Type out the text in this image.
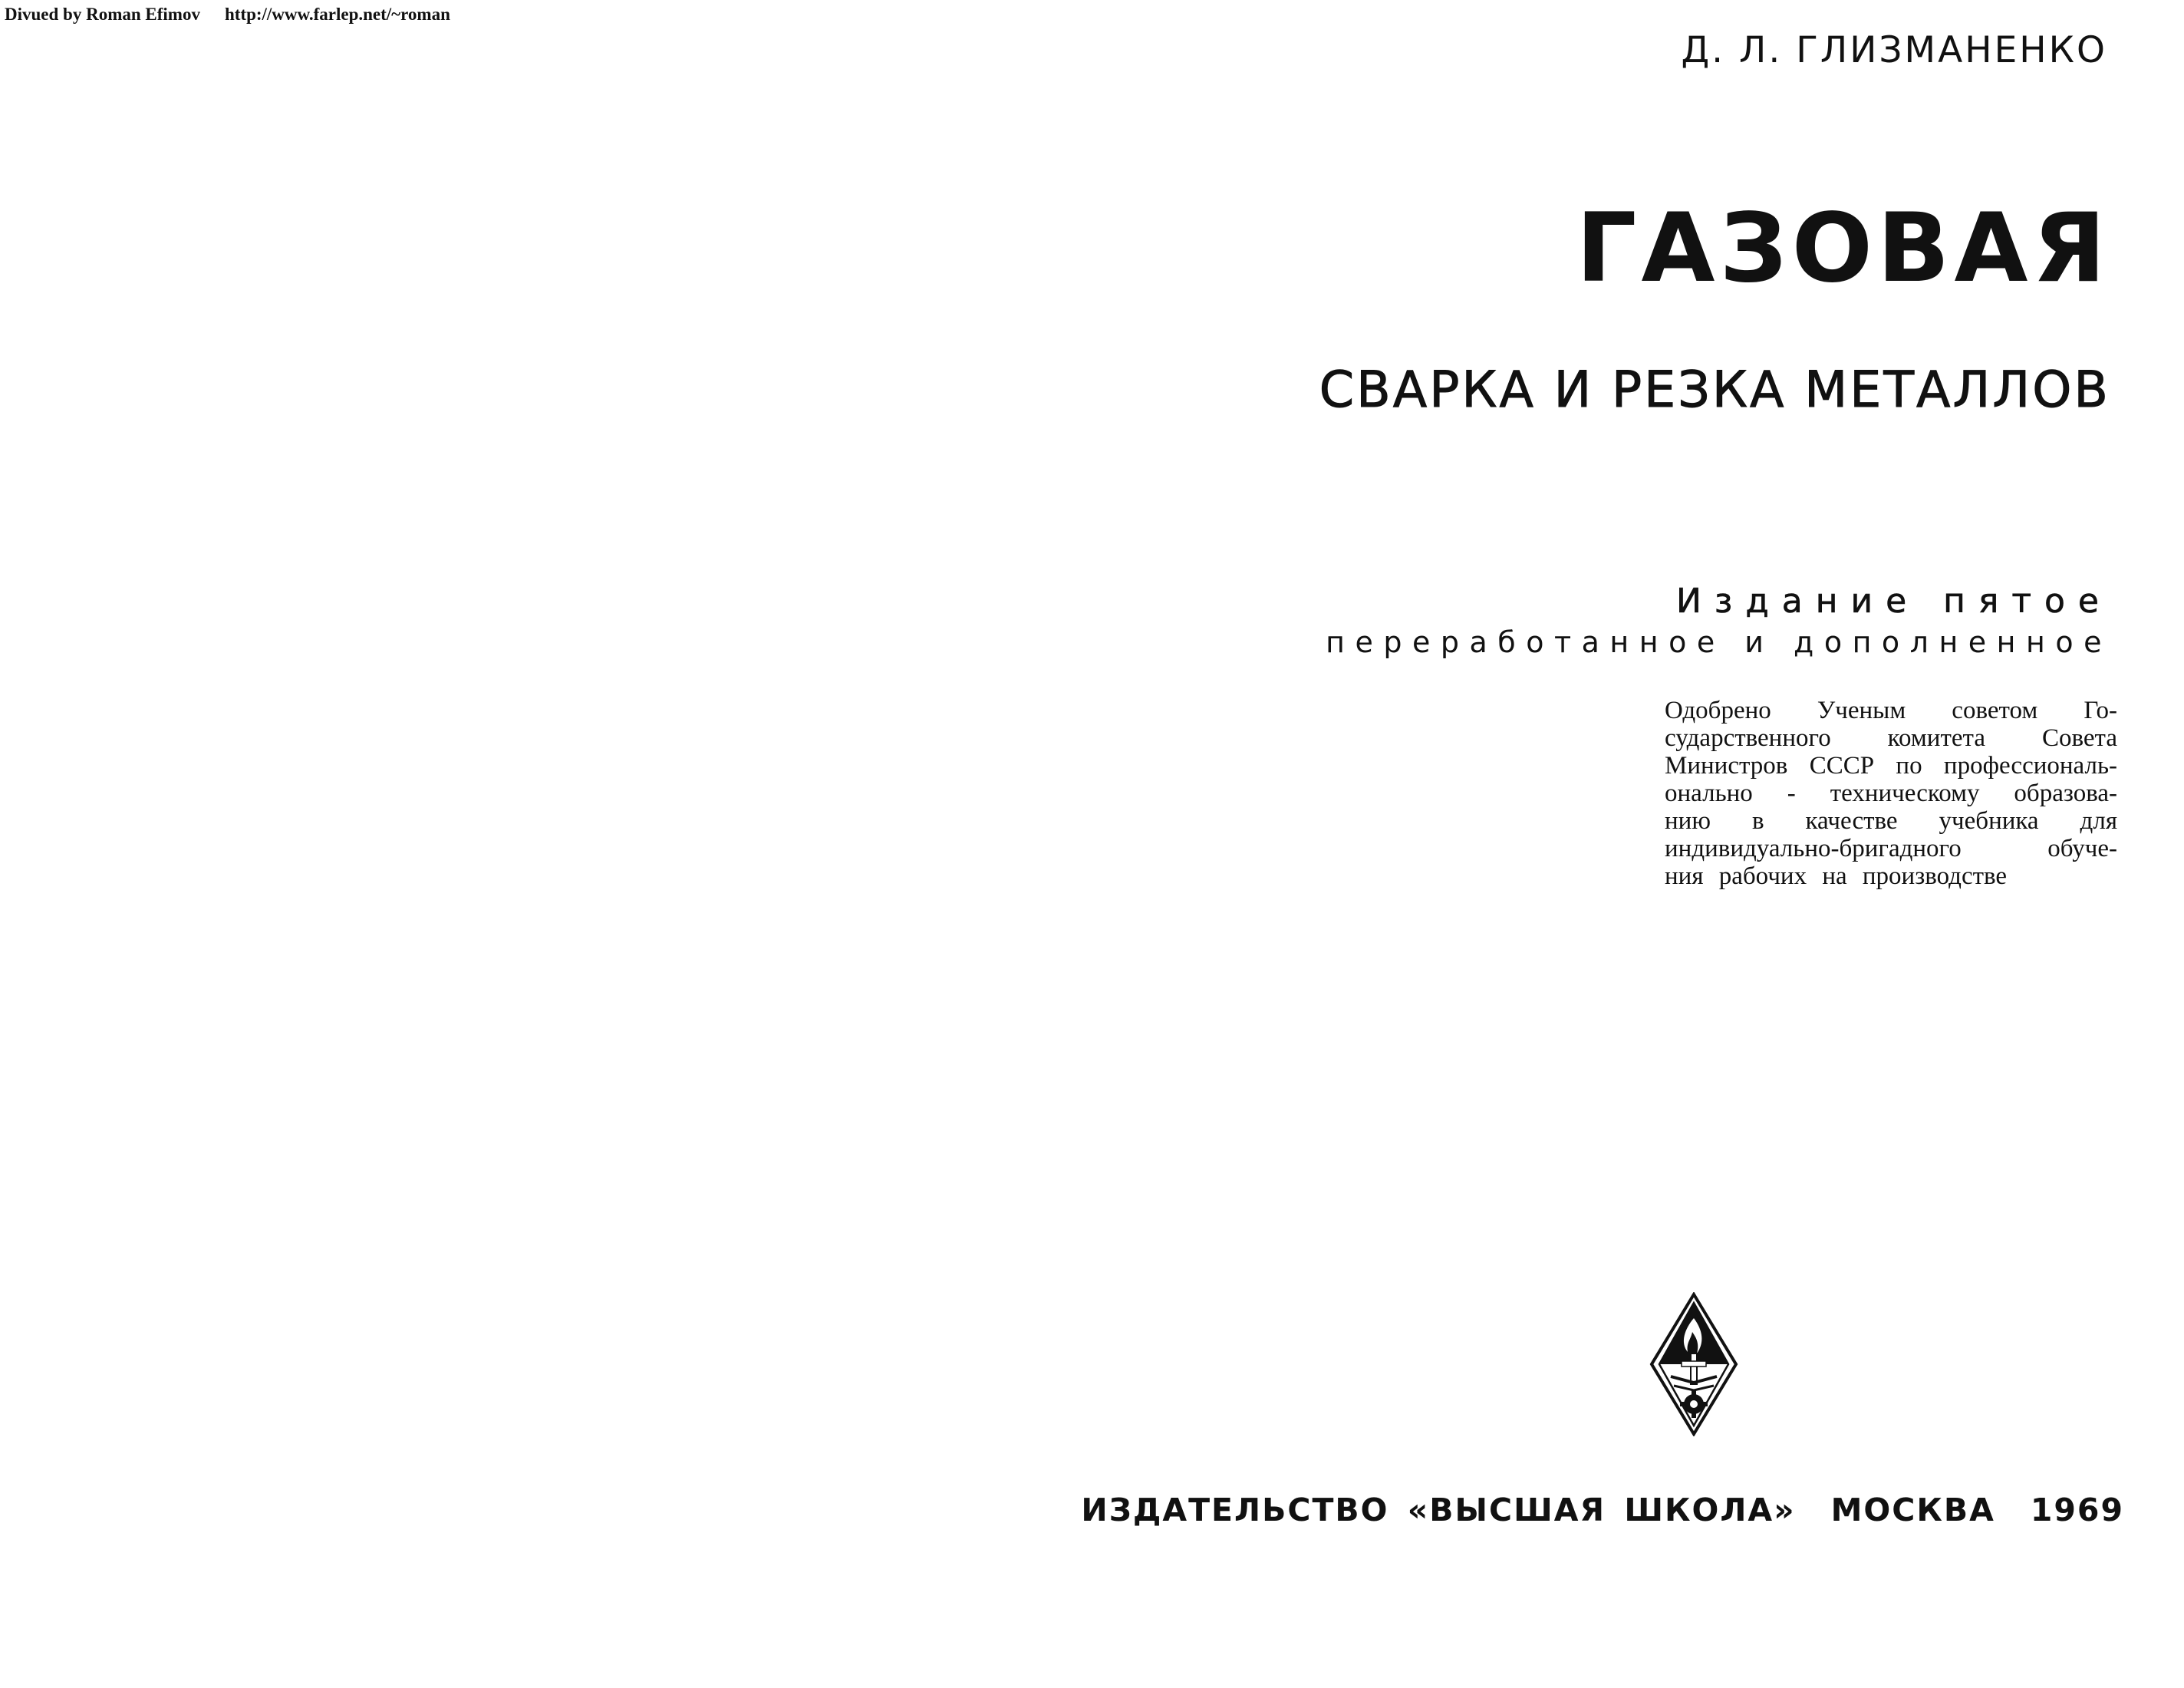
Divued by Roman Efimov http://www.farlep.net/~roman
Д. Л. ГЛИЗМАНЕНКО
ГАЗОВАЯ
СВАРКА И РЕЗКА МЕТАЛЛОВ
Издание пятое
переработанное и дополненное
Одобрено Ученым советом Го-
сударственного комитета Совета
Министров СССР по профессиональ-
онально - техническому образова-
нию в качестве учебника для
индивидуально-бригадного обуче-
ния рабочих на производстве
ИЗДАТЕЛЬСТВО «ВЫСШАЯ ШКОЛА» МОСКВА 1969
